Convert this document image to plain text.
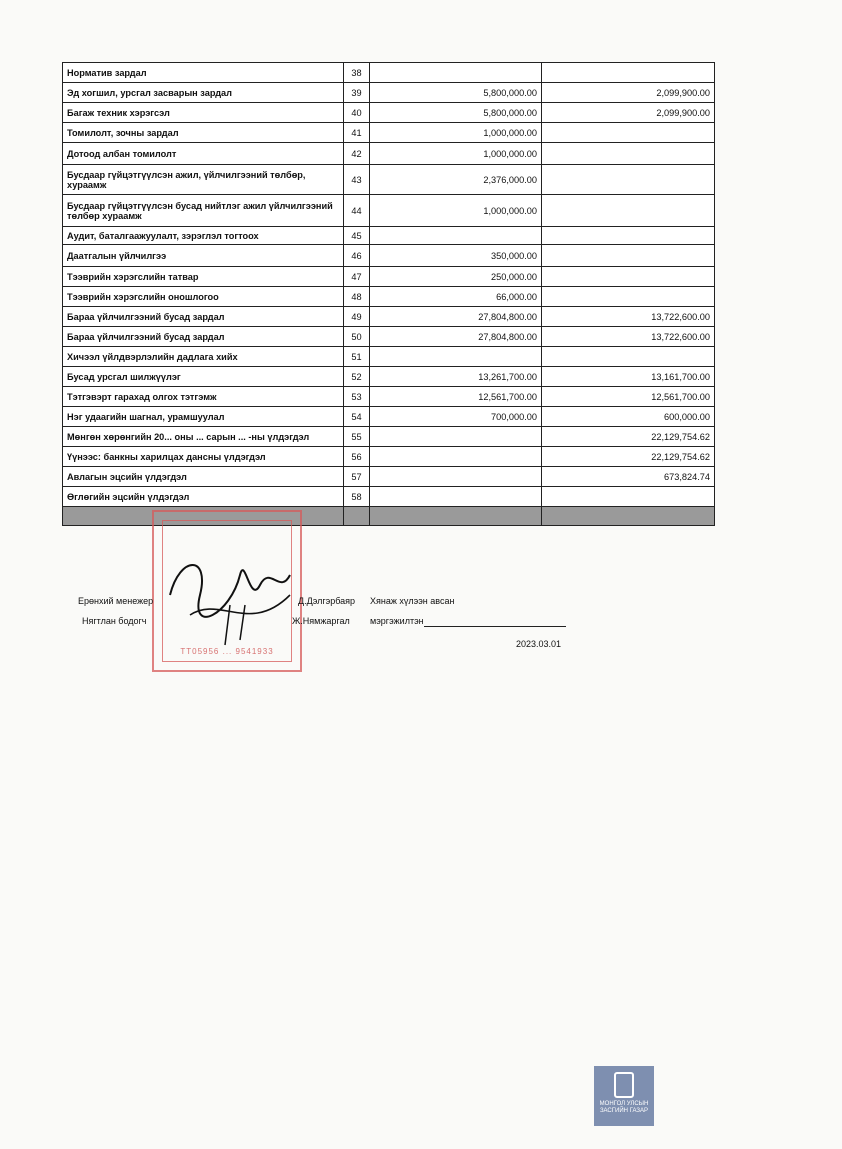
Норматив зардал	38		
Эд хогшил, урсгал засварын зардал	39	5,800,000.00	2,099,900.00
Багаж техник хэрэгсэл	40	5,800,000.00	2,099,900.00
Томилолт, зочны зардал	41	1,000,000.00	
Дотоод албан томилолт	42	1,000,000.00	
Бусдаар гүйцэтгүүлсэн ажил, үйлчилгээний төлбөр, хураамж	43	2,376,000.00	
Бусдаар гүйцэтгүүлсэн бусад нийтлэг ажил үйлчилгээний төлбөр хураамж	44	1,000,000.00	
Аудит, баталгаажуулалт, зэрэглэл тогтоох	45		
Даатгалын үйлчилгээ	46	350,000.00	
Тээврийн хэрэгслийн татвар	47	250,000.00	
Тээврийн хэрэгслийн оношлогоо	48	66,000.00	
Бараа үйлчилгээний бусад зардал	49	27,804,800.00	13,722,600.00
Бараа үйлчилгээний бусад зардал	50	27,804,800.00	13,722,600.00
Хичээл үйлдвэрлэлийн дадлага хийх	51		
Бусад урсгал шилжүүлэг	52	13,261,700.00	13,161,700.00
Тэтгэвэрт гарахад олгох тэтгэмж	53	12,561,700.00	12,561,700.00
Нэг удаагийн шагнал, урамшуулал	54	700,000.00	600,000.00
Мөнгөн хөрөнгийн 20... оны ... сарын ... -ны үлдэгдэл	55		22,129,754.62
Үүнээс: банкны харилцах дансны үлдэгдэл	56		22,129,754.62
Авлагын эцсийн үлдэгдэл	57		673,824.74
Өглөгийн эцсийн үлдэгдэл	58		

ТТ05956 ... 9541933
Ерөнхий менежер	Д.Дэлгэрбаяр
Нягтлан бодогч	Ж.Нямжаргал
Хянаж хүлээн авсан
мэргэжилтэн
2023.03.01
МОНГОЛ УЛСЫН
ЗАСГИЙН ГАЗАР
